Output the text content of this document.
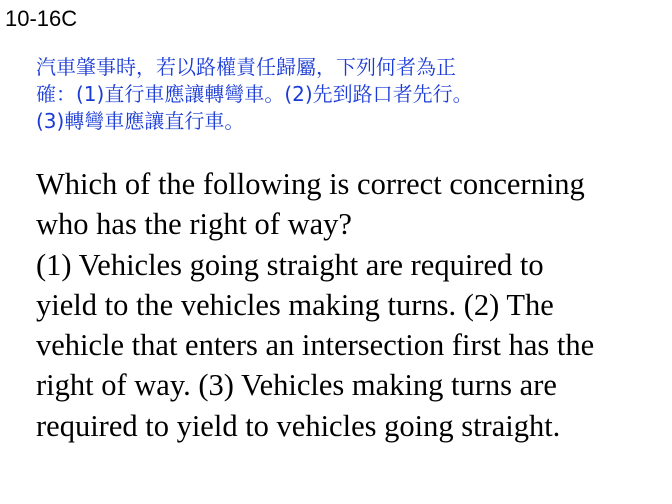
10-16C
汽車肇事時，若以路權責任歸屬，下列何者為正
確：(1)直行車應讓轉彎車。(2)先到路口者先行。
(3)轉彎車應讓直行車。
Which of the following is correct concerning
who has the right of way?
(1) Vehicles going straight are required to
yield to the vehicles making turns. (2) The
vehicle that enters an intersection first has the
right of way. (3) Vehicles making turns are
required to yield to vehicles going straight.
